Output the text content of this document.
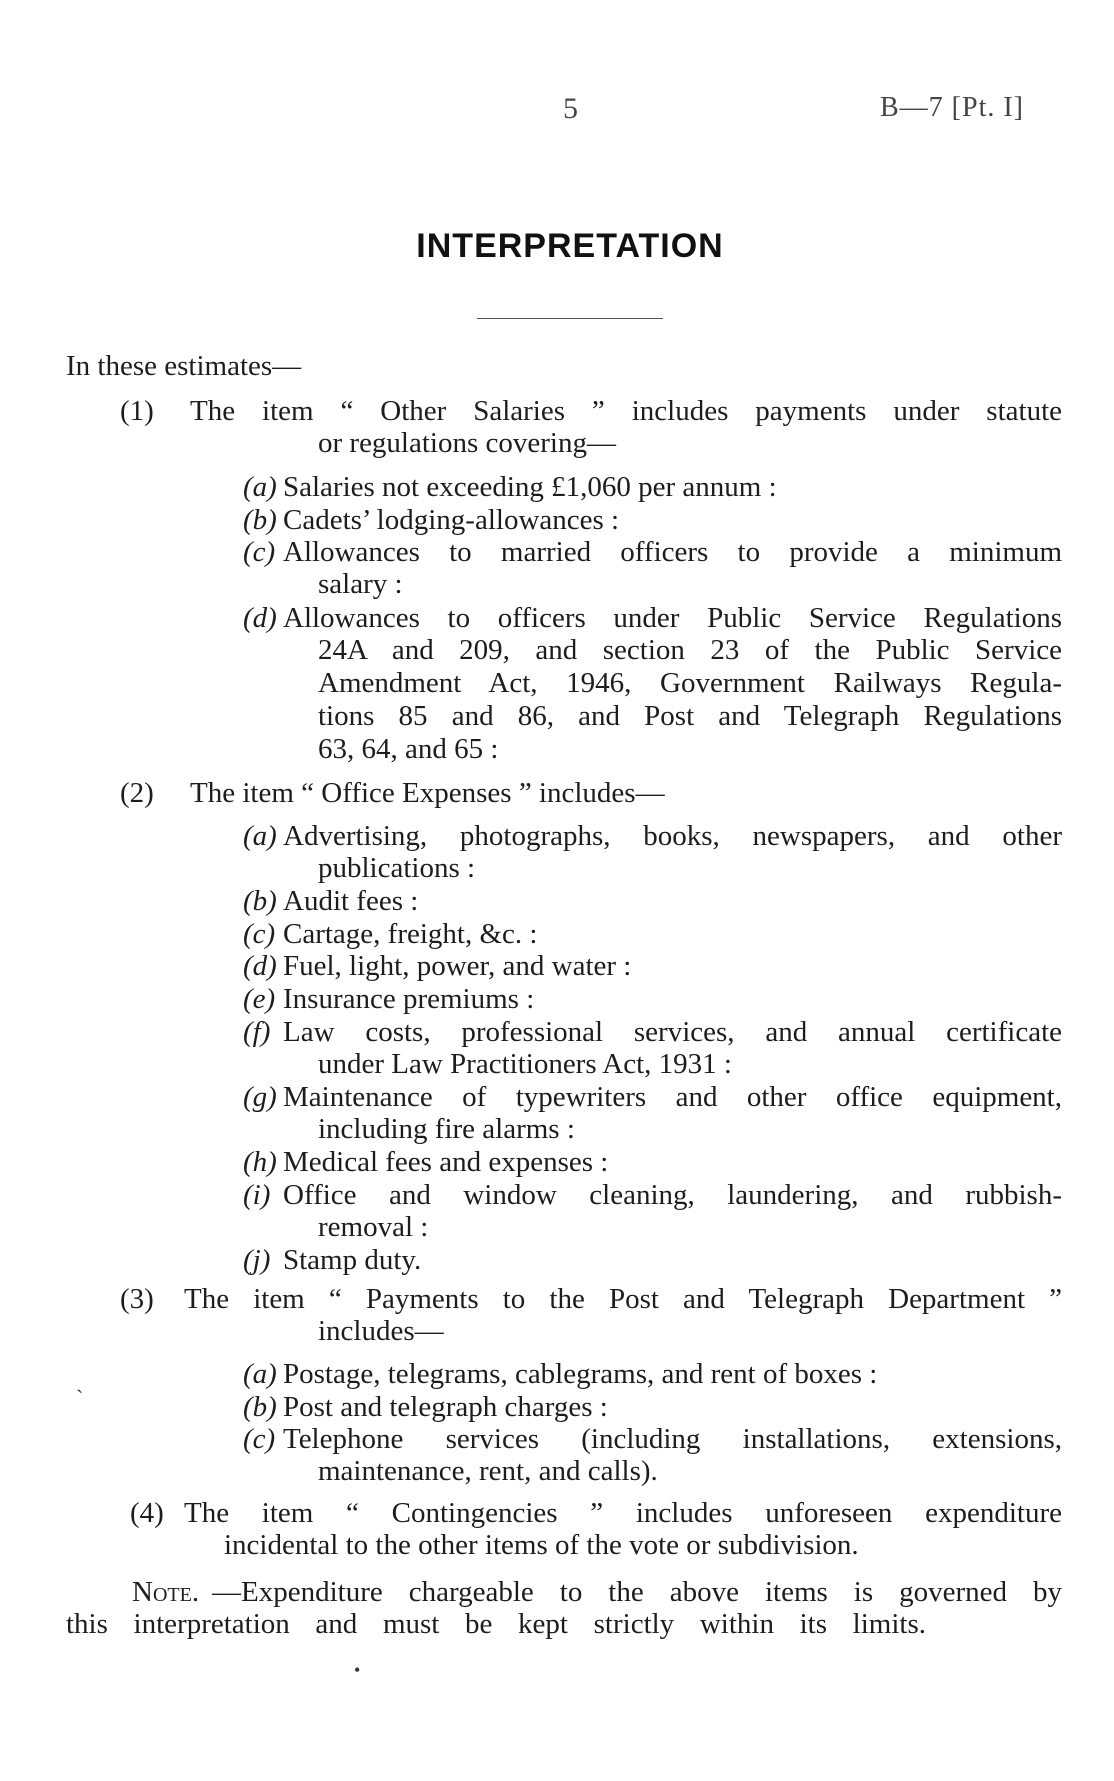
5	B—7 [Pt. I]
INTERPRETATION
In these estimates—
(1) The item “ Other Salaries ” includes payments under statute
or regulations covering—
(a) Salaries not exceeding £1,060 per annum :
(b) Cadets’ lodging-allowances :
(c) Allowances to married officers to provide a minimum
salary :
(d) Allowances to officers under Public Service Regulations
24A and 209, and section 23 of the Public Service
Amendment Act, 1946, Government Railways Regula-
tions 85 and 86, and Post and Telegraph Regulations
63, 64, and 65 :
(2) The item “ Office Expenses ” includes—
(a) Advertising, photographs, books, newspapers, and other
publications :
(b) Audit fees :
(c) Cartage, freight, &c. :
(d) Fuel, light, power, and water :
(e) Insurance premiums :
(f) Law costs, professional services, and annual certificate
under Law Practitioners Act, 1931 :
(g) Maintenance of typewriters and other office equipment,
including fire alarms :
(h) Medical fees and expenses :
(i) Office and window cleaning, laundering, and rubbish-
removal :
(j) Stamp duty.
(3) The item “ Payments to the Post and Telegraph Department ”
includes—
(a) Postage, telegrams, cablegrams, and rent of boxes :
(b) Post and telegraph charges :
(c) Telephone services (including installations, extensions,
maintenance, rent, and calls).
(4) The item “ Contingencies ” includes unforeseen expenditure
incidental to the other items of the vote or subdivision.
Note. —Expenditure chargeable to the above items is governed by
this interpretation and must be kept strictly within its limits.
`
•
